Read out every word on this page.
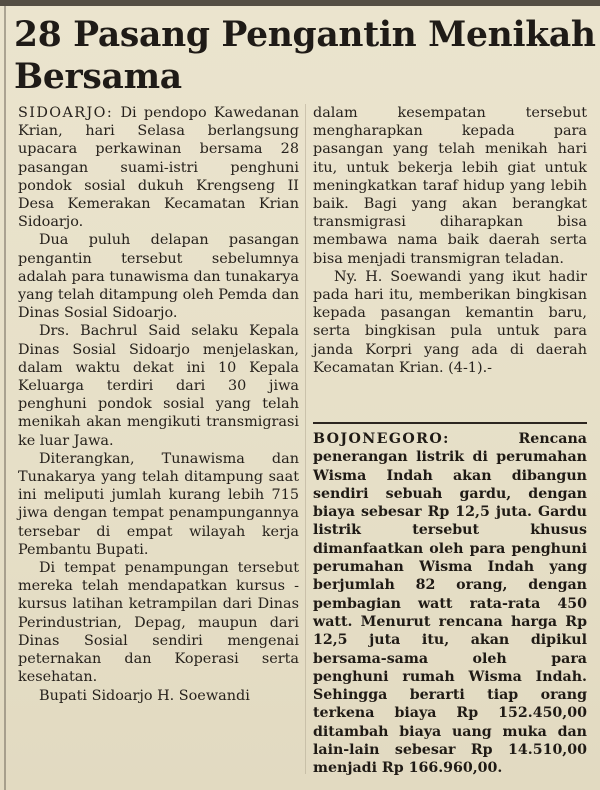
28 Pasang Pengantin Menikah
Bersama

SIDOARJO: Di pendopo Kawedanan Krian, hari Selasa berlangsung upacara perkawinan bersama 28 pasangan suami-istri penghuni pondok sosial dukuh Krengseng II Desa Kemerakan Kecamatan Krian Sidoarjo.

Dua puluh delapan pasangan pengantin tersebut sebelumnya adalah para tunawisma dan tunakarya yang telah ditampung oleh Pemda dan Dinas Sosial Sidoarjo.

Drs. Bachrul Said selaku Kepala Dinas Sosial Sidoarjo menjelaskan, dalam waktu dekat ini 10 Kepala Keluarga terdiri dari 30 jiwa penghuni pondok sosial yang telah menikah akan mengikuti transmigrasi ke luar Jawa.

Diterangkan, Tunawisma dan Tunakarya yang telah ditampung saat ini meliputi jumlah kurang lebih 715 jiwa dengan tempat penampungannya tersebar di empat wilayah kerja Pembantu Bupati.

Di tempat penampungan tersebut mereka telah mendapatkan kursus - kursus latihan ketrampilan dari Dinas Perindustrian, Depag, maupun dari Dinas Sosial sendiri mengenai peternakan dan Koperasi serta kesehatan.

Bupati Sidoarjo H. Soewandi

dalam kesempatan tersebut mengharapkan kepada para pasangan yang telah menikah hari itu, untuk bekerja lebih giat untuk meningkatkan taraf hidup yang lebih baik. Bagi yang akan berangkat transmigrasi diharapkan bisa membawa nama baik daerah serta bisa menjadi transmigran teladan.

Ny. H. Soewandi yang ikut hadir pada hari itu, memberikan bingkisan kepada pasangan kemantin baru, serta bingkisan pula untuk para janda Korpri yang ada di daerah Kecamatan Krian. (4-1).-

BOJONEGORO:	Rencana penerangan listrik di perumahan Wisma Indah akan dibangun sendiri sebuah gardu, dengan biaya sebesar Rp 12,5 juta. Gardu listrik tersebut khusus dimanfaatkan oleh para penghuni perumahan Wisma Indah yang berjumlah 82 orang, dengan pembagian watt rata-rata 450 watt. Menurut rencana harga Rp 12,5 juta itu, akan dipikul bersama-sama oleh para penghuni rumah Wisma Indah. Sehingga berarti tiap orang terkena biaya Rp 152.450,00 ditambah biaya uang muka dan lain-lain sebesar Rp 14.510,00 menjadi Rp 166.960,00.
